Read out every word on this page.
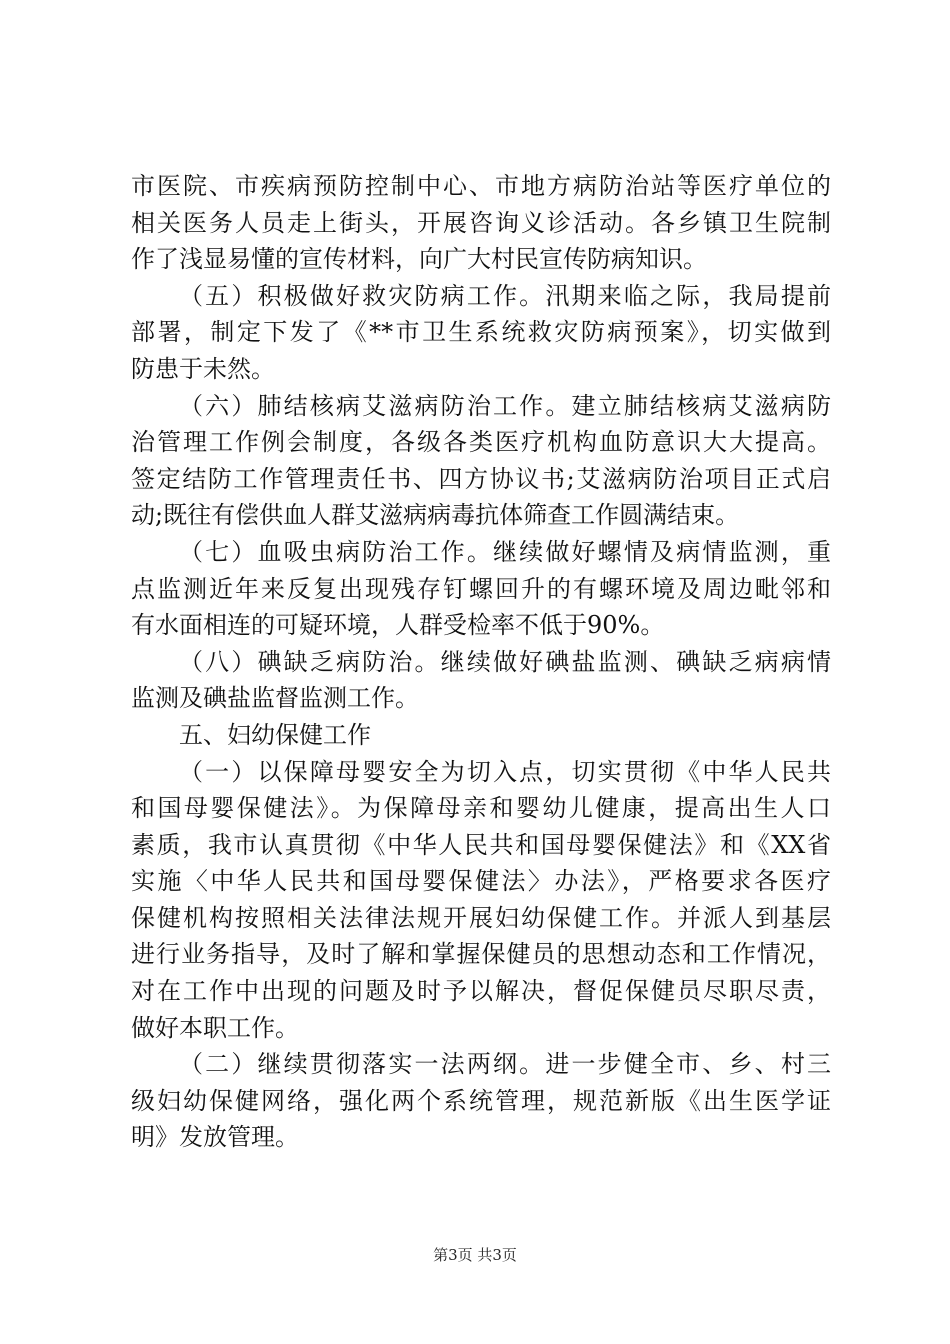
市医院、市疾病预防控制中心、市地方病防治站等医疗单位的
相关医务人员走上街头，开展咨询义诊活动。各乡镇卫生院制
作了浅显易懂的宣传材料，向广大村民宣传防病知识。
（五）积极做好救灾防病工作。汛期来临之际，我局提前
部署，制定下发了《**市卫生系统救灾防病预案》，切实做到
防患于未然。
（六）肺结核病艾滋病防治工作。建立肺结核病艾滋病防
治管理工作例会制度，各级各类医疗机构血防意识大大提高。
签定结防工作管理责任书、四方协议书;艾滋病防治项目正式启
动;既往有偿供血人群艾滋病病毒抗体筛查工作圆满结束。
（七）血吸虫病防治工作。继续做好螺情及病情监测，重
点监测近年来反复出现残存钉螺回升的有螺环境及周边毗邻和
有水面相连的可疑环境，人群受检率不低于90%。
（八）碘缺乏病防治。继续做好碘盐监测、碘缺乏病病情
监测及碘盐监督监测工作。
五、妇幼保健工作
（一）以保障母婴安全为切入点，切实贯彻《中华人民共
和国母婴保健法》。为保障母亲和婴幼儿健康，提高出生人口
素质，我市认真贯彻《中华人民共和国母婴保健法》和《XX省
实施〈中华人民共和国母婴保健法〉办法》，严格要求各医疗
保健机构按照相关法律法规开展妇幼保健工作。并派人到基层
进行业务指导，及时了解和掌握保健员的思想动态和工作情况，
对在工作中出现的问题及时予以解决，督促保健员尽职尽责，
做好本职工作。
（二）继续贯彻落实一法两纲。进一步健全市、乡、村三
级妇幼保健网络，强化两个系统管理，规范新版《出生医学证
明》发放管理。
第3页 共3页
